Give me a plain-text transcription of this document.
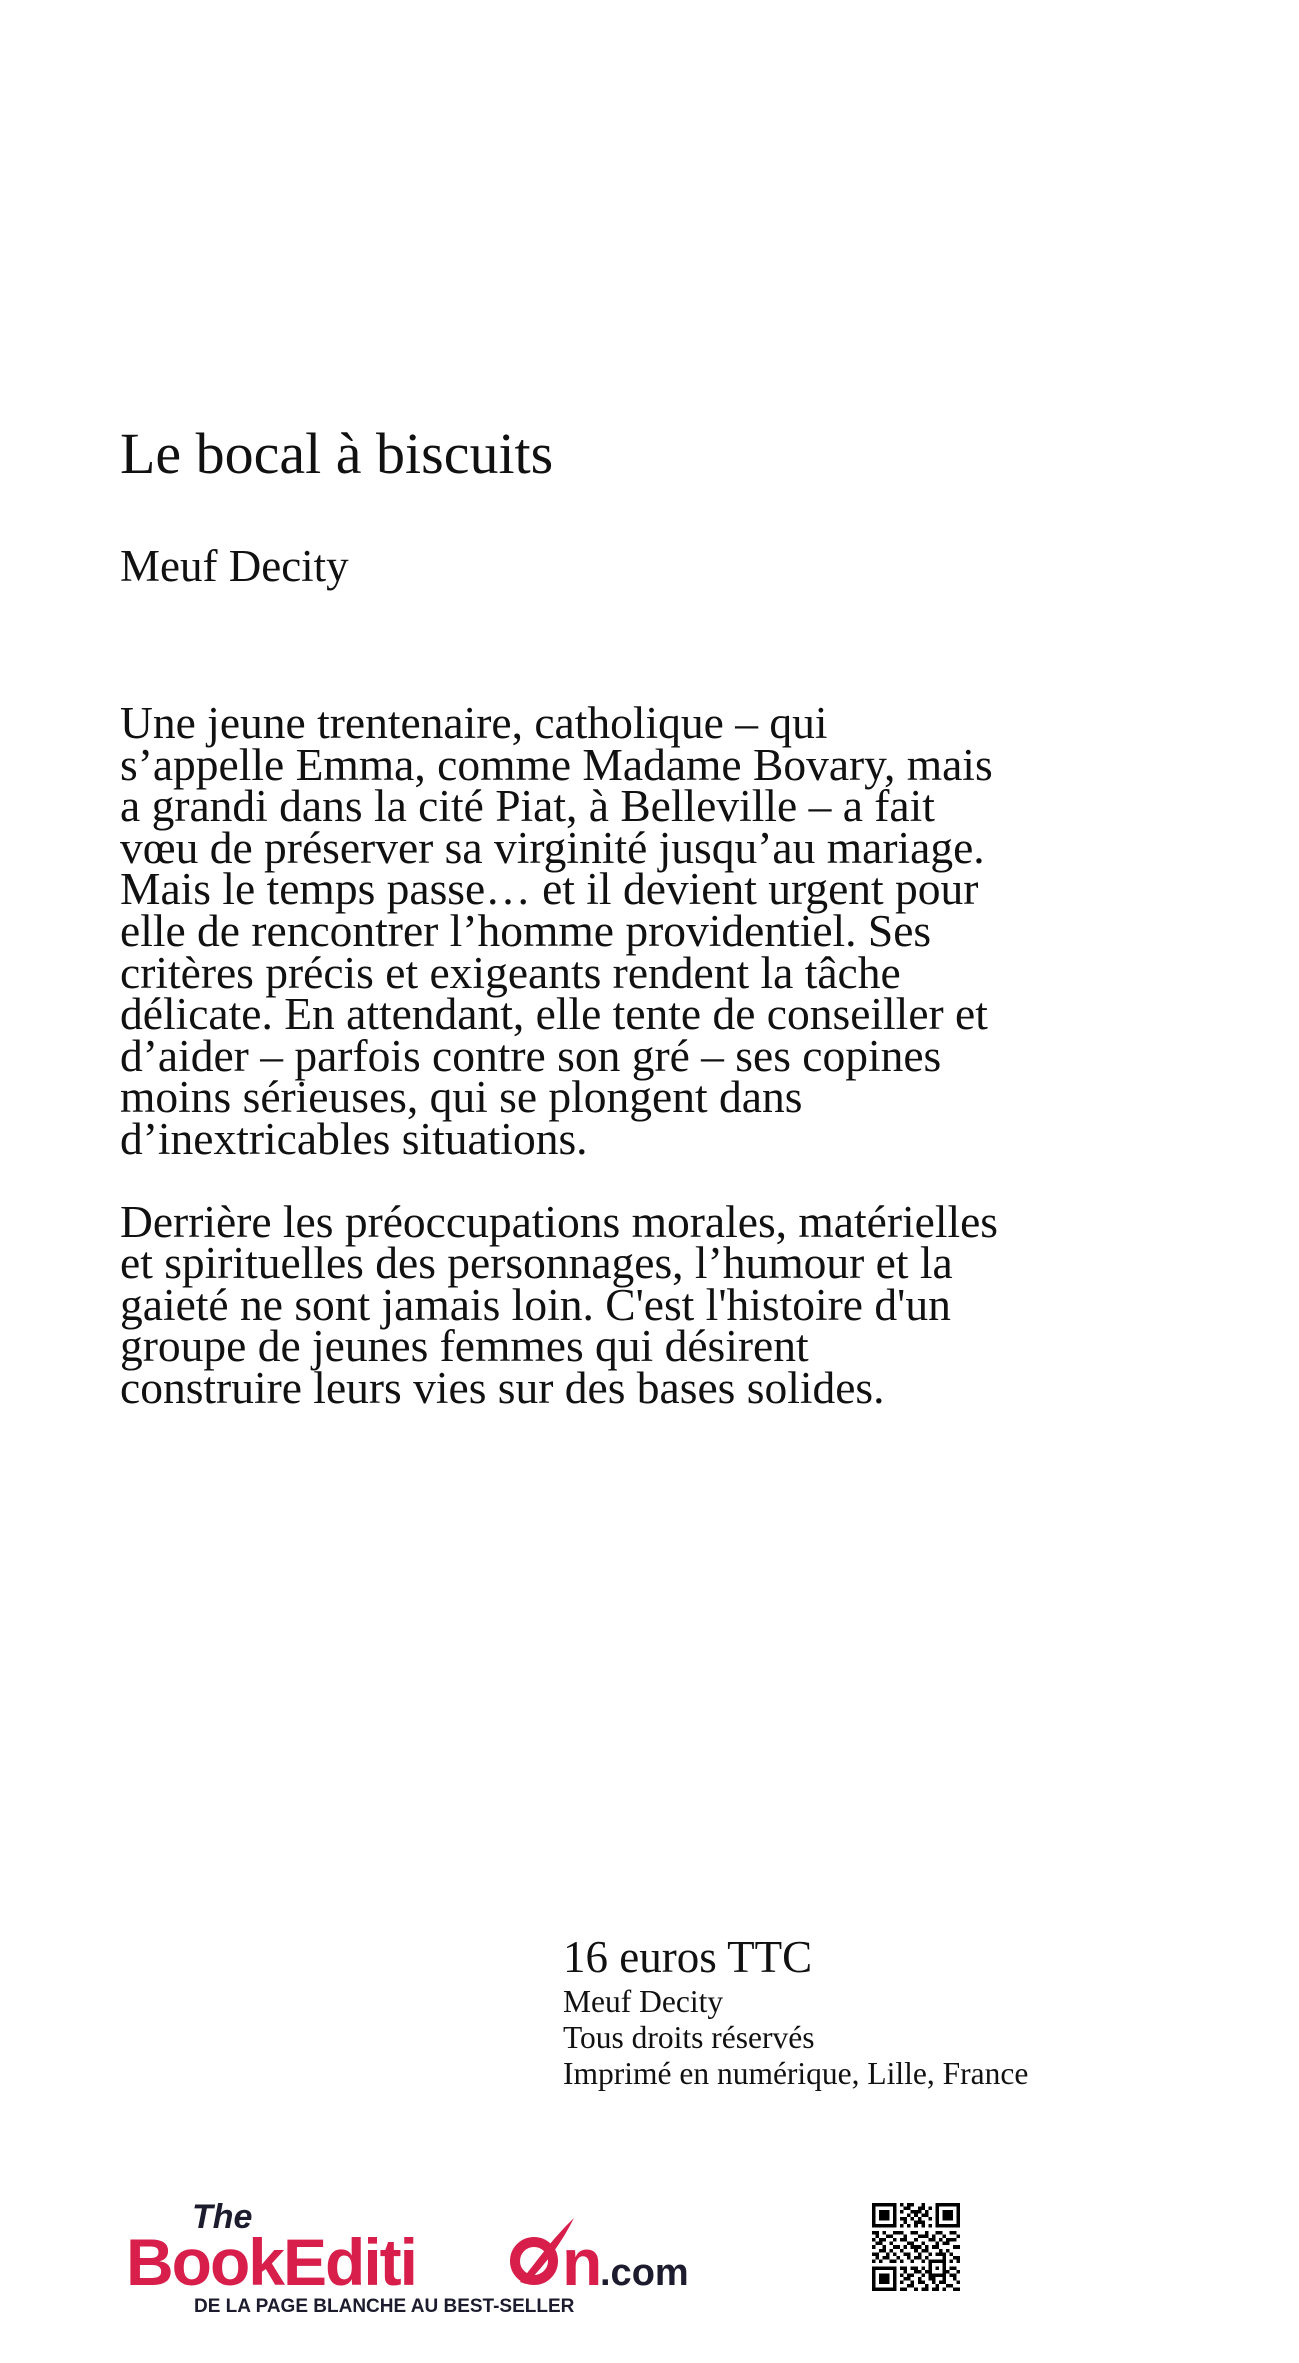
Le bocal à biscuits
Meuf Decity

Une jeune trentenaire, catholique – qui s’appelle Emma, comme Madame Bovary, mais a grandi dans la cité Piat, à Belleville – a fait vœu de préserver sa virginité jusqu’au mariage. Mais le temps passe… et il devient urgent pour elle de rencontrer l’homme providentiel. Ses critères précis et exigeants rendent la tâche délicate. En attendant, elle tente de conseiller et d’aider – parfois contre son gré – ses copines moins sérieuses, qui se plongent dans d’inextricables situations.

Derrière les préoccupations morales, matérielles et spirituelles des personnages, l’humour et la gaieté ne sont jamais loin. C'est l'histoire d'un groupe de jeunes femmes qui désirent construire leurs vies sur des bases solides.

16 euros TTC
Meuf Decity
Tous droits réservés
Imprimé en numérique, Lille, France
The
BookEditi n
.com
DE LA PAGE BLANCHE AU BEST-SELLER
